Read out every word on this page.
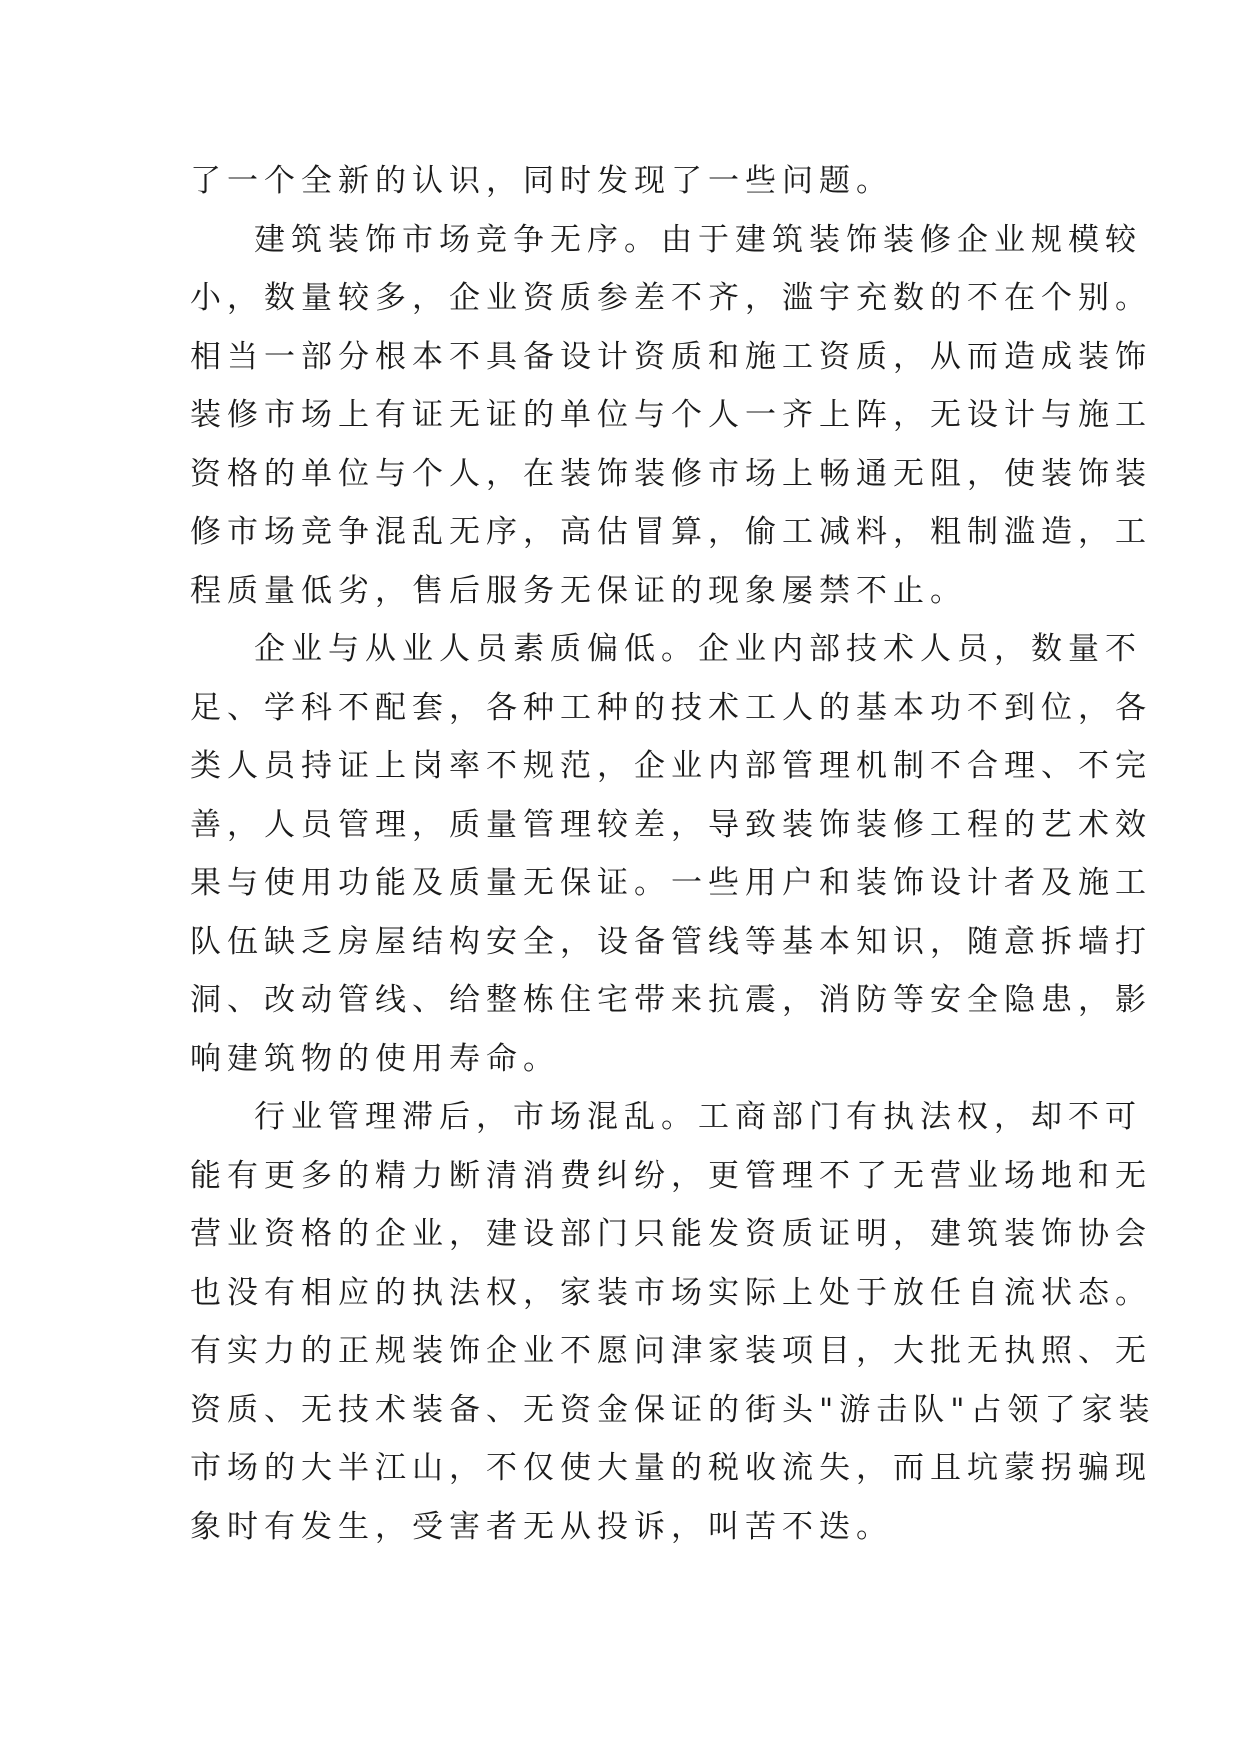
了一个全新的认识，同时发现了一些问题。
建筑装饰市场竞争无序。由于建筑装饰装修企业规模较
小，数量较多，企业资质参差不齐，滥宇充数的不在个别。
相当一部分根本不具备设计资质和施工资质，从而造成装饰
装修市场上有证无证的单位与个人一齐上阵，无设计与施工
资格的单位与个人，在装饰装修市场上畅通无阻，使装饰装
修市场竞争混乱无序，高估冒算，偷工减料，粗制滥造，工
程质量低劣，售后服务无保证的现象屡禁不止。
企业与从业人员素质偏低。企业内部技术人员，数量不
足、学科不配套，各种工种的技术工人的基本功不到位，各
类人员持证上岗率不规范，企业内部管理机制不合理、不完
善，人员管理，质量管理较差，导致装饰装修工程的艺术效
果与使用功能及质量无保证。一些用户和装饰设计者及施工
队伍缺乏房屋结构安全，设备管线等基本知识，随意拆墙打
洞、改动管线、给整栋住宅带来抗震，消防等安全隐患，影
响建筑物的使用寿命。
行业管理滞后，市场混乱。工商部门有执法权，却不可
能有更多的精力断清消费纠纷，更管理不了无营业场地和无
营业资格的企业，建设部门只能发资质证明，建筑装饰协会
也没有相应的执法权，家装市场实际上处于放任自流状态。
有实力的正规装饰企业不愿问津家装项目，大批无执照、无
资质、无技术装备、无资金保证的街头"游击队"占领了家装
市场的大半江山，不仅使大量的税收流失，而且坑蒙拐骗现
象时有发生，受害者无从投诉，叫苦不迭。
